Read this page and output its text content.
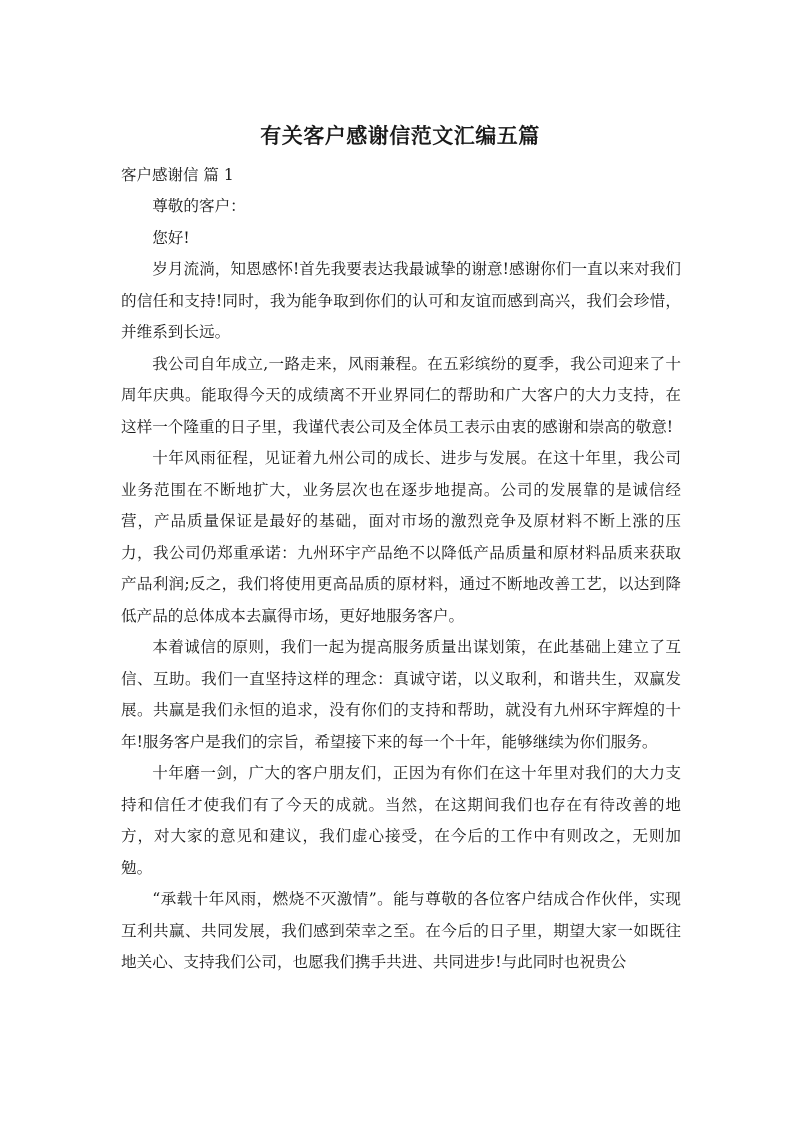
有关客户感谢信范文汇编五篇

客户感谢信 篇 1

尊敬的客户：

您好!

岁月流淌，知恩感怀!首先我要表达我最诚挚的谢意!感谢你们一直以来对我们的信任和支持!同时，我为能争取到你们的认可和友谊而感到高兴，我们会珍惜，并维系到长远。

我公司自年成立,一路走来，风雨兼程。在五彩缤纷的夏季，我公司迎来了十周年庆典。能取得今天的成绩离不开业界同仁的帮助和广大客户的大力支持，在这样一个隆重的日子里，我谨代表公司及全体员工表示由衷的感谢和崇高的敬意!

十年风雨征程，见证着九州公司的成长、进步与发展。在这十年里，我公司业务范围在不断地扩大，业务层次也在逐步地提高。公司的发展靠的是诚信经营，产品质量保证是最好的基础，面对市场的激烈竞争及原材料不断上涨的压力，我公司仍郑重承诺：九州环宇产品绝不以降低产品质量和原材料品质来获取产品利润;反之，我们将使用更高品质的原材料，通过不断地改善工艺，以达到降低产品的总体成本去赢得市场，更好地服务客户。

本着诚信的原则，我们一起为提高服务质量出谋划策，在此基础上建立了互信、互助。我们一直坚持这样的理念：真诚守诺，以义取利，和谐共生，双赢发展。共赢是我们永恒的追求，没有你们的支持和帮助，就没有九州环宇辉煌的十年!服务客户是我们的宗旨，希望接下来的每一个十年，能够继续为你们服务。

十年磨一剑，广大的客户朋友们，正因为有你们在这十年里对我们的大力支持和信任才使我们有了今天的成就。当然，在这期间我们也存在有待改善的地方，对大家的意见和建议，我们虚心接受，在今后的工作中有则改之，无则加勉。

“承载十年风雨，燃烧不灭激情”。能与尊敬的各位客户结成合作伙伴，实现互利共赢、共同发展，我们感到荣幸之至。在今后的日子里，期望大家一如既往地关心、支持我们公司，也愿我们携手共进、共同进步!与此同时也祝贵公
